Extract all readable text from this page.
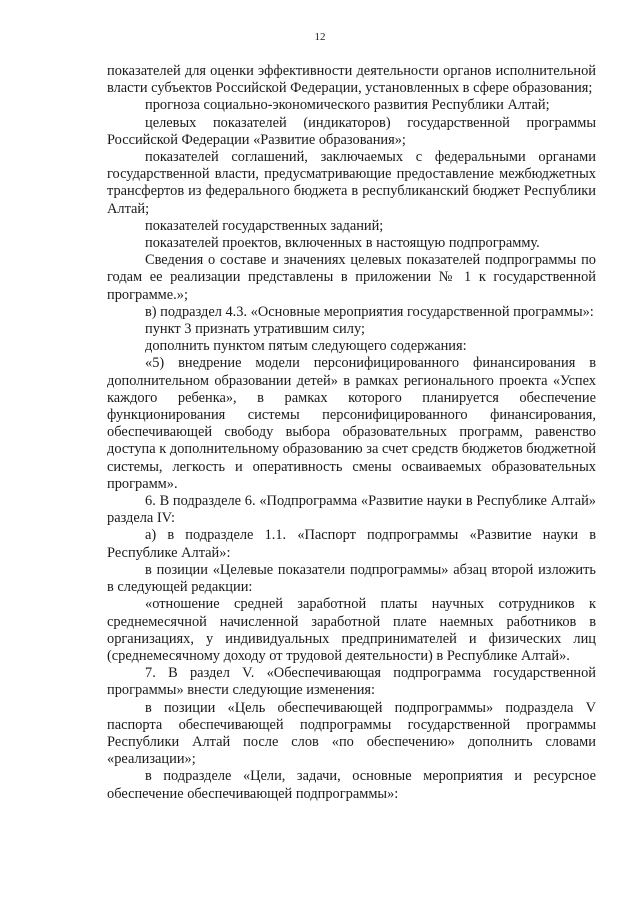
12

показателей для оценки эффективности деятельности органов исполнительной власти субъектов Российской Федерации, установленных в сфере образования;

прогноза социально-экономического развития Республики Алтай;

целевых показателей (индикаторов) государственной программы Российской Федерации «Развитие образования»;

показателей соглашений, заключаемых с федеральными органами государственной власти, предусматривающие предоставление межбюджетных трансфертов из федерального бюджета в республиканский бюджет Республики Алтай;

показателей государственных заданий;

показателей проектов, включенных в настоящую подпрограмму.

Сведения о составе и значениях целевых показателей подпрограммы по годам ее реализации представлены в приложении № 1 к государственной программе.»;

в) подраздел 4.3. «Основные мероприятия государственной программы»:

пункт 3 признать утратившим силу;

дополнить пунктом пятым следующего содержания:

«5) внедрение модели персонифицированного финансирования в дополнительном образовании детей» в рамках регионального проекта «Успех каждого ребенка», в рамках которого планируется обеспечение функционирования системы персонифицированного финансирования, обеспечивающей свободу выбора образовательных программ, равенство доступа к дополнительному образованию за счет средств бюджетов бюджетной системы, легкость и оперативность смены осваиваемых образовательных программ».

6. В подразделе 6. «Подпрограмма «Развитие науки в Республике Алтай» раздела IV:

а) в подразделе 1.1. «Паспорт подпрограммы «Развитие науки в Республике Алтай»:

в позиции «Целевые показатели подпрограммы» абзац второй изложить в следующей редакции:

«отношение средней заработной платы научных сотрудников к среднемесячной начисленной заработной плате наемных работников в организациях, у индивидуальных предпринимателей и физических лиц (среднемесячному доходу от трудовой деятельности) в Республике Алтай».

7. В раздел V. «Обеспечивающая подпрограмма государственной программы» внести следующие изменения:

в позиции «Цель обеспечивающей подпрограммы» подраздела V паспорта обеспечивающей подпрограммы государственной программы Республики Алтай после слов «по обеспечению» дополнить словами «реализации»;

в подразделе «Цели, задачи, основные мероприятия и ресурсное обеспечение обеспечивающей подпрограммы»:
